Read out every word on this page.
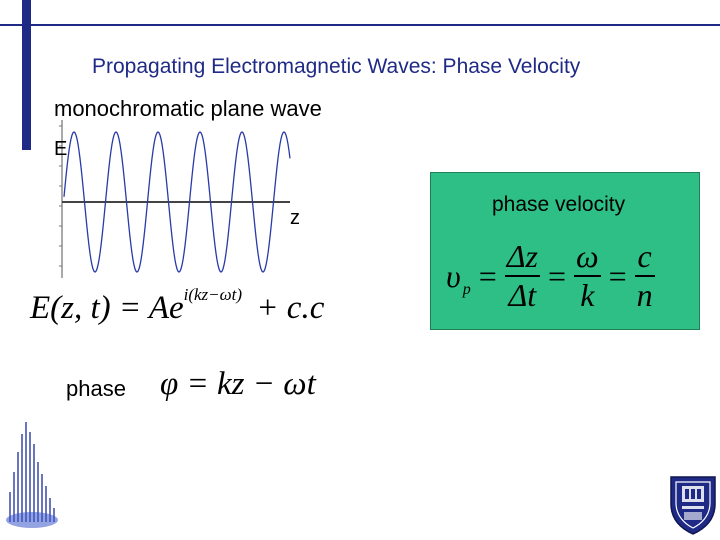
Propagating Electromagnetic Waves: Phase Velocity
monochromatic plane wave
E
z
E(z, $t) = Ae^{i(kz-\omega t)} + c.c$
phase φ = kz − ωt
phase velocity
$\upsilon_p = \frac{\Delta z}{\Delta t} = \frac{\omega}{k} = \frac{c}{n}$
